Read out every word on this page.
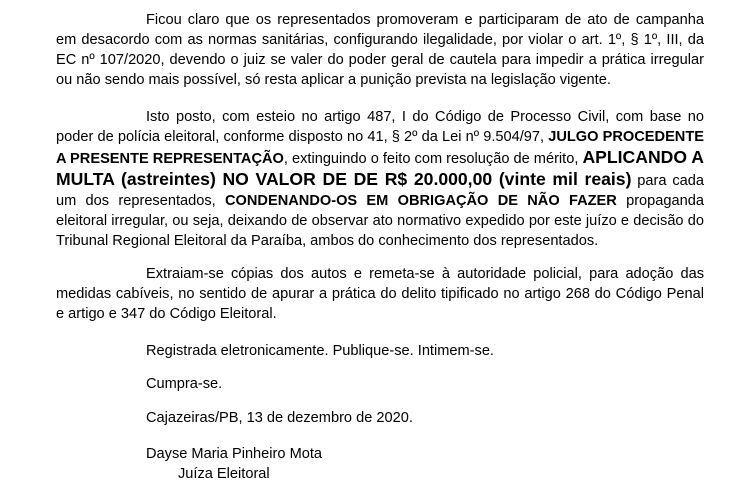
Ficou claro que os representados promoveram e participaram de ato de campanha em desacordo com as normas sanitárias, configurando ilegalidade, por violar o art. 1º, § 1º, III, da EC nº 107/2020, devendo o juiz se valer do poder geral de cautela para impedir a prática irregular ou não sendo mais possível, só resta aplicar a punição prevista na legislação vigente.

Isto posto, com esteio no artigo 487, I do Código de Processo Civil, com base no poder de polícia eleitoral, conforme disposto no 41, § 2º da Lei nº 9.504/97, JULGO PROCEDENTE A PRESENTE REPRESENTAÇÃO, extinguindo o feito com resolução de mérito, APLICANDO A MULTA (astreintes) NO VALOR DE DE R$ 20.000,00 (vinte mil reais) para cada um dos representados, CONDENANDO-OS EM OBRIGAÇÃO DE NÃO FAZER propaganda eleitoral irregular, ou seja, deixando de observar ato normativo expedido por este juízo e decisão do Tribunal Regional Eleitoral da Paraíba, ambos do conhecimento dos representados.

Extraiam-se cópias dos autos e remeta-se à autoridade policial, para adoção das medidas cabíveis, no sentido de apurar a prática do delito tipificado no artigo 268 do Código Penal e artigo e 347 do Código Eleitoral.

Registrada eletronicamente. Publique-se. Intimem-se.

Cumpra-se.

Cajazeiras/PB, 13 de dezembro de 2020.

Dayse Maria Pinheiro Mota

Juíza Eleitoral
